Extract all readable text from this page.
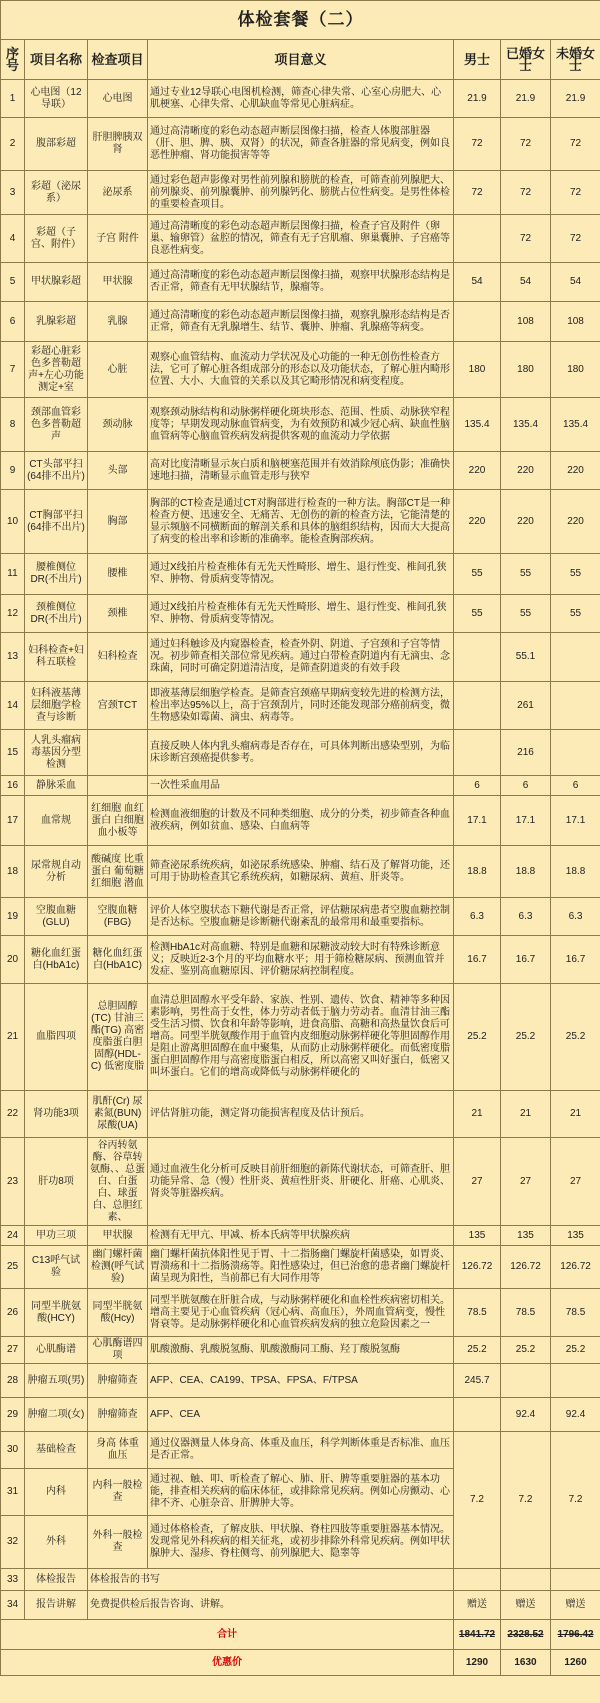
体检套餐（二）						
序号	项目名称	检查项目	项目意义	男士	已婚女士	未婚女士
1	心电图（12导联）	心电图	通过专业12导联心电图机检测，筛查心律失常、心室心房肥大、心肌梗塞、心律失常、心肌缺血等常见心脏病症。	21.9	21.9	21.9
2	腹部彩超	肝胆脾胰双肾	通过高清晰度的彩色动态超声断层图像扫描，检查人体腹部脏器（肝、胆、脾、胰、双肾）的状况，筛查各脏器的常见病变，例如良恶性肿瘤、肾功能损害等等	72	72	72
3	彩超（泌尿系）	泌尿系	通过彩色超声影像对男性前列腺和膀胱的检查，可筛查前列腺肥大、前列腺炎、前列腺囊肿、前列腺钙化、膀胱占位性病变。是男性体检的重要检查项目。	72	72	72
4	彩超（子宫、附件）	子宫 附件	通过高清晰度的彩色动态超声断层图像扫描，检查子宫及附件（卵巢、输卵管）盆腔的情况，筛查有无子宫肌瘤、卵巢囊肿、子宫癌等良恶性病变。		72	72
5	甲状腺彩超	甲状腺	通过高清晰度的彩色动态超声断层图像扫描，观察甲状腺形态结构是否正常，筛查有无甲状腺结节，腺瘤等。	54	54	54
6	乳腺彩超	乳腺	通过高清晰度的彩色动态超声断层图像扫描，观察乳腺形态结构是否正常，筛查有无乳腺增生、结节、囊肿、肿瘤、乳腺癌等病变。		108	108
7	彩超心脏彩色多普勒超声+左心功能测定+室	心脏	观察心血管结构、血流动力学状况及心功能的一种无创伤性检查方法，它可了解心脏各组成部分的形态以及功能状态，了解心脏内畸形位置、大小、大血管的关系以及其它畸形情况和病变程度。	180	180	180
8	颈部血管彩色多普勒超声	颈动脉	观察颈动脉结构和动脉粥样硬化斑块形态、范围、性质、动脉狭窄程度等；早期发现动脉血管病变，为有效预防和减少冠心病、缺血性脑血管病等心脑血管疾病发病提供客观的血流动力学依据	135.4	135.4	135.4
9	CT头部平扫(64排不出片)	头部	高对比度清晰显示灰白质和脑梗塞范围并有效消除颅底伪影；准确快速地扫描，清晰显示血管走形与狭窄	220	220	220
10	CT胸部平扫(64排不出片)	胸部	胸部的CT检查是通过CT对胸部进行检查的一种方法。胸部CT是一种检查方便、迅速安全、无痛苦、无创伤的新的检查方法，它能清楚的显示频脑不同横断面的解剖关系和具体的脑组织结构，因而大大提高了病变的检出率和诊断的准确率。能检查胸部疾病。	220	220	220
11	腰椎侧位DR(不出片)	腰椎	通过X线拍片检查椎体有无先天性畸形、增生、退行性变、椎间孔狭窄、肿物、骨质病变等情况。	55	55	55
12	颈椎侧位DR(不出片)	颈椎	通过X线拍片检查椎体有无先天性畸形、增生、退行性变、椎间孔狭窄、肿物、骨质病变等情况。	55	55	55
13	妇科检查+妇科五联检	妇科检查	通过妇科触诊及内窥器检查，检查外阴、阴道、子宫颈和子宫等情况。初步筛查相关部位常见疾病。通过白带检查阴道内有无滴虫、念珠菌，同时可确定阴道清洁度，是筛查阴道炎的有效手段		55.1	
14	妇科液基薄层细胞学检查与诊断	宫颈TCT	即液基薄层细胞学检查。是筛查宫颈癌早期病变较先进的检测方法，检出率达95%以上，高于宫颈刮片，同时还能发现部分癌前病变，微生物感染如霉菌、滴虫、病毒等。		261	
15	人乳头瘤病毒基因分型检测		直接反映人体内乳头瘤病毒是否存在，可具体判断出感染型别，为临床诊断宫颈癌提供参考。		216	
16	静脉采血		一次性采血用品	6	6	6
17	血常规	红细胞 血红蛋白 白细胞 血小板等	检测血液细胞的计数及不同种类细胞、成分的分类，初步筛查各种血液疾病，例如贫血、感染、白血病等	17.1	17.1	17.1
18	尿常规自动分析	酸碱度 比重 蛋白 葡萄糖 红细胞 潜血	筛查泌尿系统疾病，如泌尿系统感染、肿瘤、结石及了解肾功能，还可用于协助检查其它系统疾病，如糖尿病、黄疸、肝炎等。	18.8	18.8	18.8
19	空腹血糖(GLU)	空腹血糖(FBG)	评价人体空腹状态下糖代谢是否正常，评估糖尿病患者空腹血糖控制是否达标。空腹血糖是诊断糖代谢紊乱的最常用和最重要指标。	6.3	6.3	6.3
20	糖化血红蛋白(HbA1c)	糖化血红蛋白(HbA1C)	检测HbA1c对高血糖、特别是血糖和尿糖波动较大时有特殊诊断意义；反映近2-3个月的平均血糖水平；用于筛检糖尿病、预测血管并发症、鉴别高血糖原因、评价糖尿病控制程度。	16.7	16.7	16.7
21	血脂四项	总胆固醇(TC) 甘油三酯(TG) 高密度脂蛋白胆固醇(HDL-C) 低密度脂	血清总胆固醇水平受年龄、家族、性别、遗传、饮食、精神等多种因素影响，男性高于女性，体力劳动者低于脑力劳动者。血清甘油三酯受生活习惯、饮食和年龄等影响，进食高脂、高糖和高热量饮食后可增高。同型半胱氨酸作用于血管内皮细胞动脉粥样硬化等胆固醇作用是阻止游离胆固醇在血中聚集，从而防止动脉粥样硬化。而低密度脂蛋白胆固醇作用与高密度脂蛋白相反，所以高密又叫好蛋白，低密又叫坏蛋白。它们的增高或降低与动脉粥样硬化的	25.2	25.2	25.2
22	肾功能3项	肌酐(Cr) 尿素氮(BUN) 尿酸(UA)	评估肾脏功能，测定肾功能损害程度及估计预后。	21	21	21
23	肝功8项	谷丙转氨酶、谷草转氨酶、、总蛋白、白蛋白、球蛋白、总胆红素、	通过血液生化分析可反映目前肝细胞的新陈代谢状态，可筛查肝、胆功能异常、急（慢）性肝炎、黄疸性肝炎、肝硬化、肝癌、心肌炎、肾炎等脏器疾病。	27	27	27
24	甲功三项	甲状腺	检测有无甲亢、甲减、桥本氏病等甲状腺疾病	135	135	135
25	C13呼气试验	幽门螺杆菌检测(呼气试验)	幽门螺杆菌抗体阳性见于胃、十二指肠幽门螺旋杆菌感染，如胃炎、胃溃疡和十二指肠溃疡等。阳性感染过，但已治愈的患者幽门螺旋杆菌呈现为阳性，当前都已有大同作用等	126.72	126.72	126.72
26	同型半胱氨酸(HCY)	同型半胱氨酸(Hcy)	同型半胱氨酸在肝脏合成，与动脉粥样硬化和血栓性疾病密切相关。增高主要见于心血管疾病（冠心病、高血压），外周血管病变，慢性肾衰等。是动脉粥样硬化和心血管疾病发病的独立危险因素之一	78.5	78.5	78.5
27	心肌酶谱	心肌酶谱四项	肌酸激酶、乳酸脱氢酶、肌酸激酶同工酶、羟丁酸脱氢酶	25.2	25.2	25.2
28	肿瘤五项(男)	肿瘤筛查	AFP、CEA、CA199、TPSA、FPSA、F/TPSA	245.7		
29	肿瘤二项(女)	肿瘤筛查	AFP、CEA		92.4	92.4
30	基础检查	身高 体重 血压	通过仪器测量人体身高、体重及血压，科学判断体重是否标准、血压是否正常。	7.2	7.2	7.2
31	内科	内科一般检查	通过视、触、叩、听检查了解心、肺、肝、脾等重要脏器的基本功能，排查相关疾病的临床体征，或排除常见疾病。例如心房颤动、心律不齐、心脏杂音、肝脾肿大等。			
32	外科	外科一般检查	通过体格检查，了解皮肤、甲状腺、脊柱四肢等重要脏器基本情况。发现常见外科疾病的相关征兆，或初步排除外科常见疾病。例如甲状腺肿大、湿疹、脊柱侧弯、前列腺肥大、隐睾等			
33	体检报告	体检报告的书写				
34	报告讲解	免费提供检后报告咨询、讲解。		赠送	赠送	赠送
合计				1841.72	2328.52	1796.42
优惠价				1290	1630	1260
